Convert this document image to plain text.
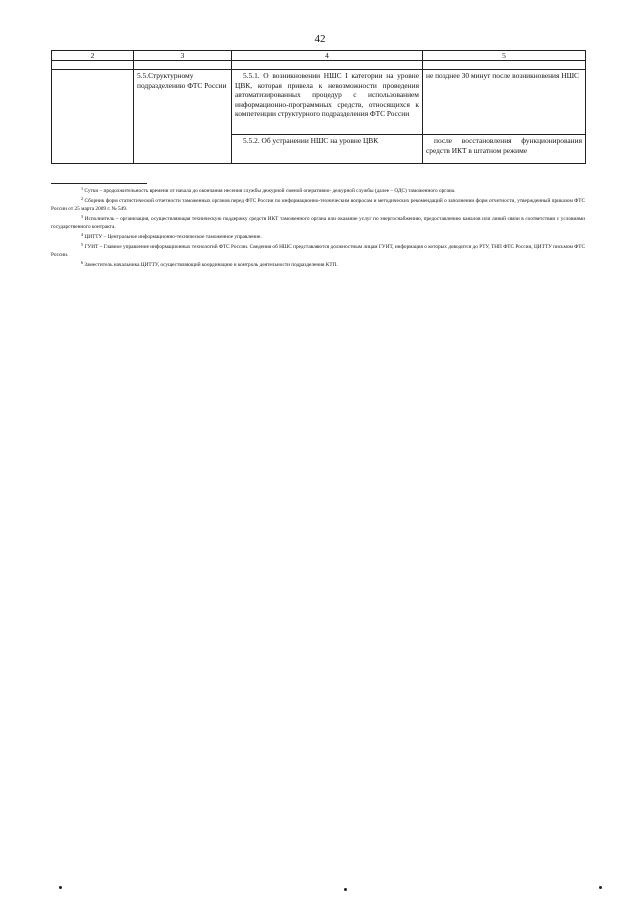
42
2	3	4	5

	5.5.Структурному подразделению ФТС России	5.5.1. О возникновении НШС I категории на уровне ЦВК, которая привела к невозможности проведения автоматизированных процедур с использованием информационно-программных средств, относящихся к компетенции структурного подразделения ФТС России	не позднее 30 минут после возникновения НШС
		5.5.2. Об устранении НШС на уровне ЦВК	после восстановления функционирования средств ИКТ в штатном режиме

$^1$ Сутки – продолжительность времени от начала до окончания несения службы дежурной сменой оперативно- дежурной службы (далее – ОДС) таможенного органа.

$^2$ Сборник форм статистической отчетности таможенных органов перед ФТС России по информационно-техническим вопросам и методических рекомендаций о заполнении форм отчетности, утвержденный приказом ФТС России от 25 марта 2009 г. № 549.

$^3$ Исполнитель – организация, осуществляющая техническую поддержку средств ИКТ таможенного органа или оказание услуг по энергоснабжению, предоставлению каналов или линий связи в соответствии с условиями государственного контракта.

$^4$ ЦИТТУ – Центральное информационно-техническое таможенное управление.

$^5$ ГУИТ – Главное управление информационных технологий ФТС России. Сведения об НШС представляются должностным лицам ГУИТ, информация о которых доводится до РТУ, ТНП ФТС России, ЦИТТУ письмом ФТС России.

$^6$ Заместитель начальника ЦИТТУ, осуществляющий координацию и контроль деятельности подразделения КТП.
